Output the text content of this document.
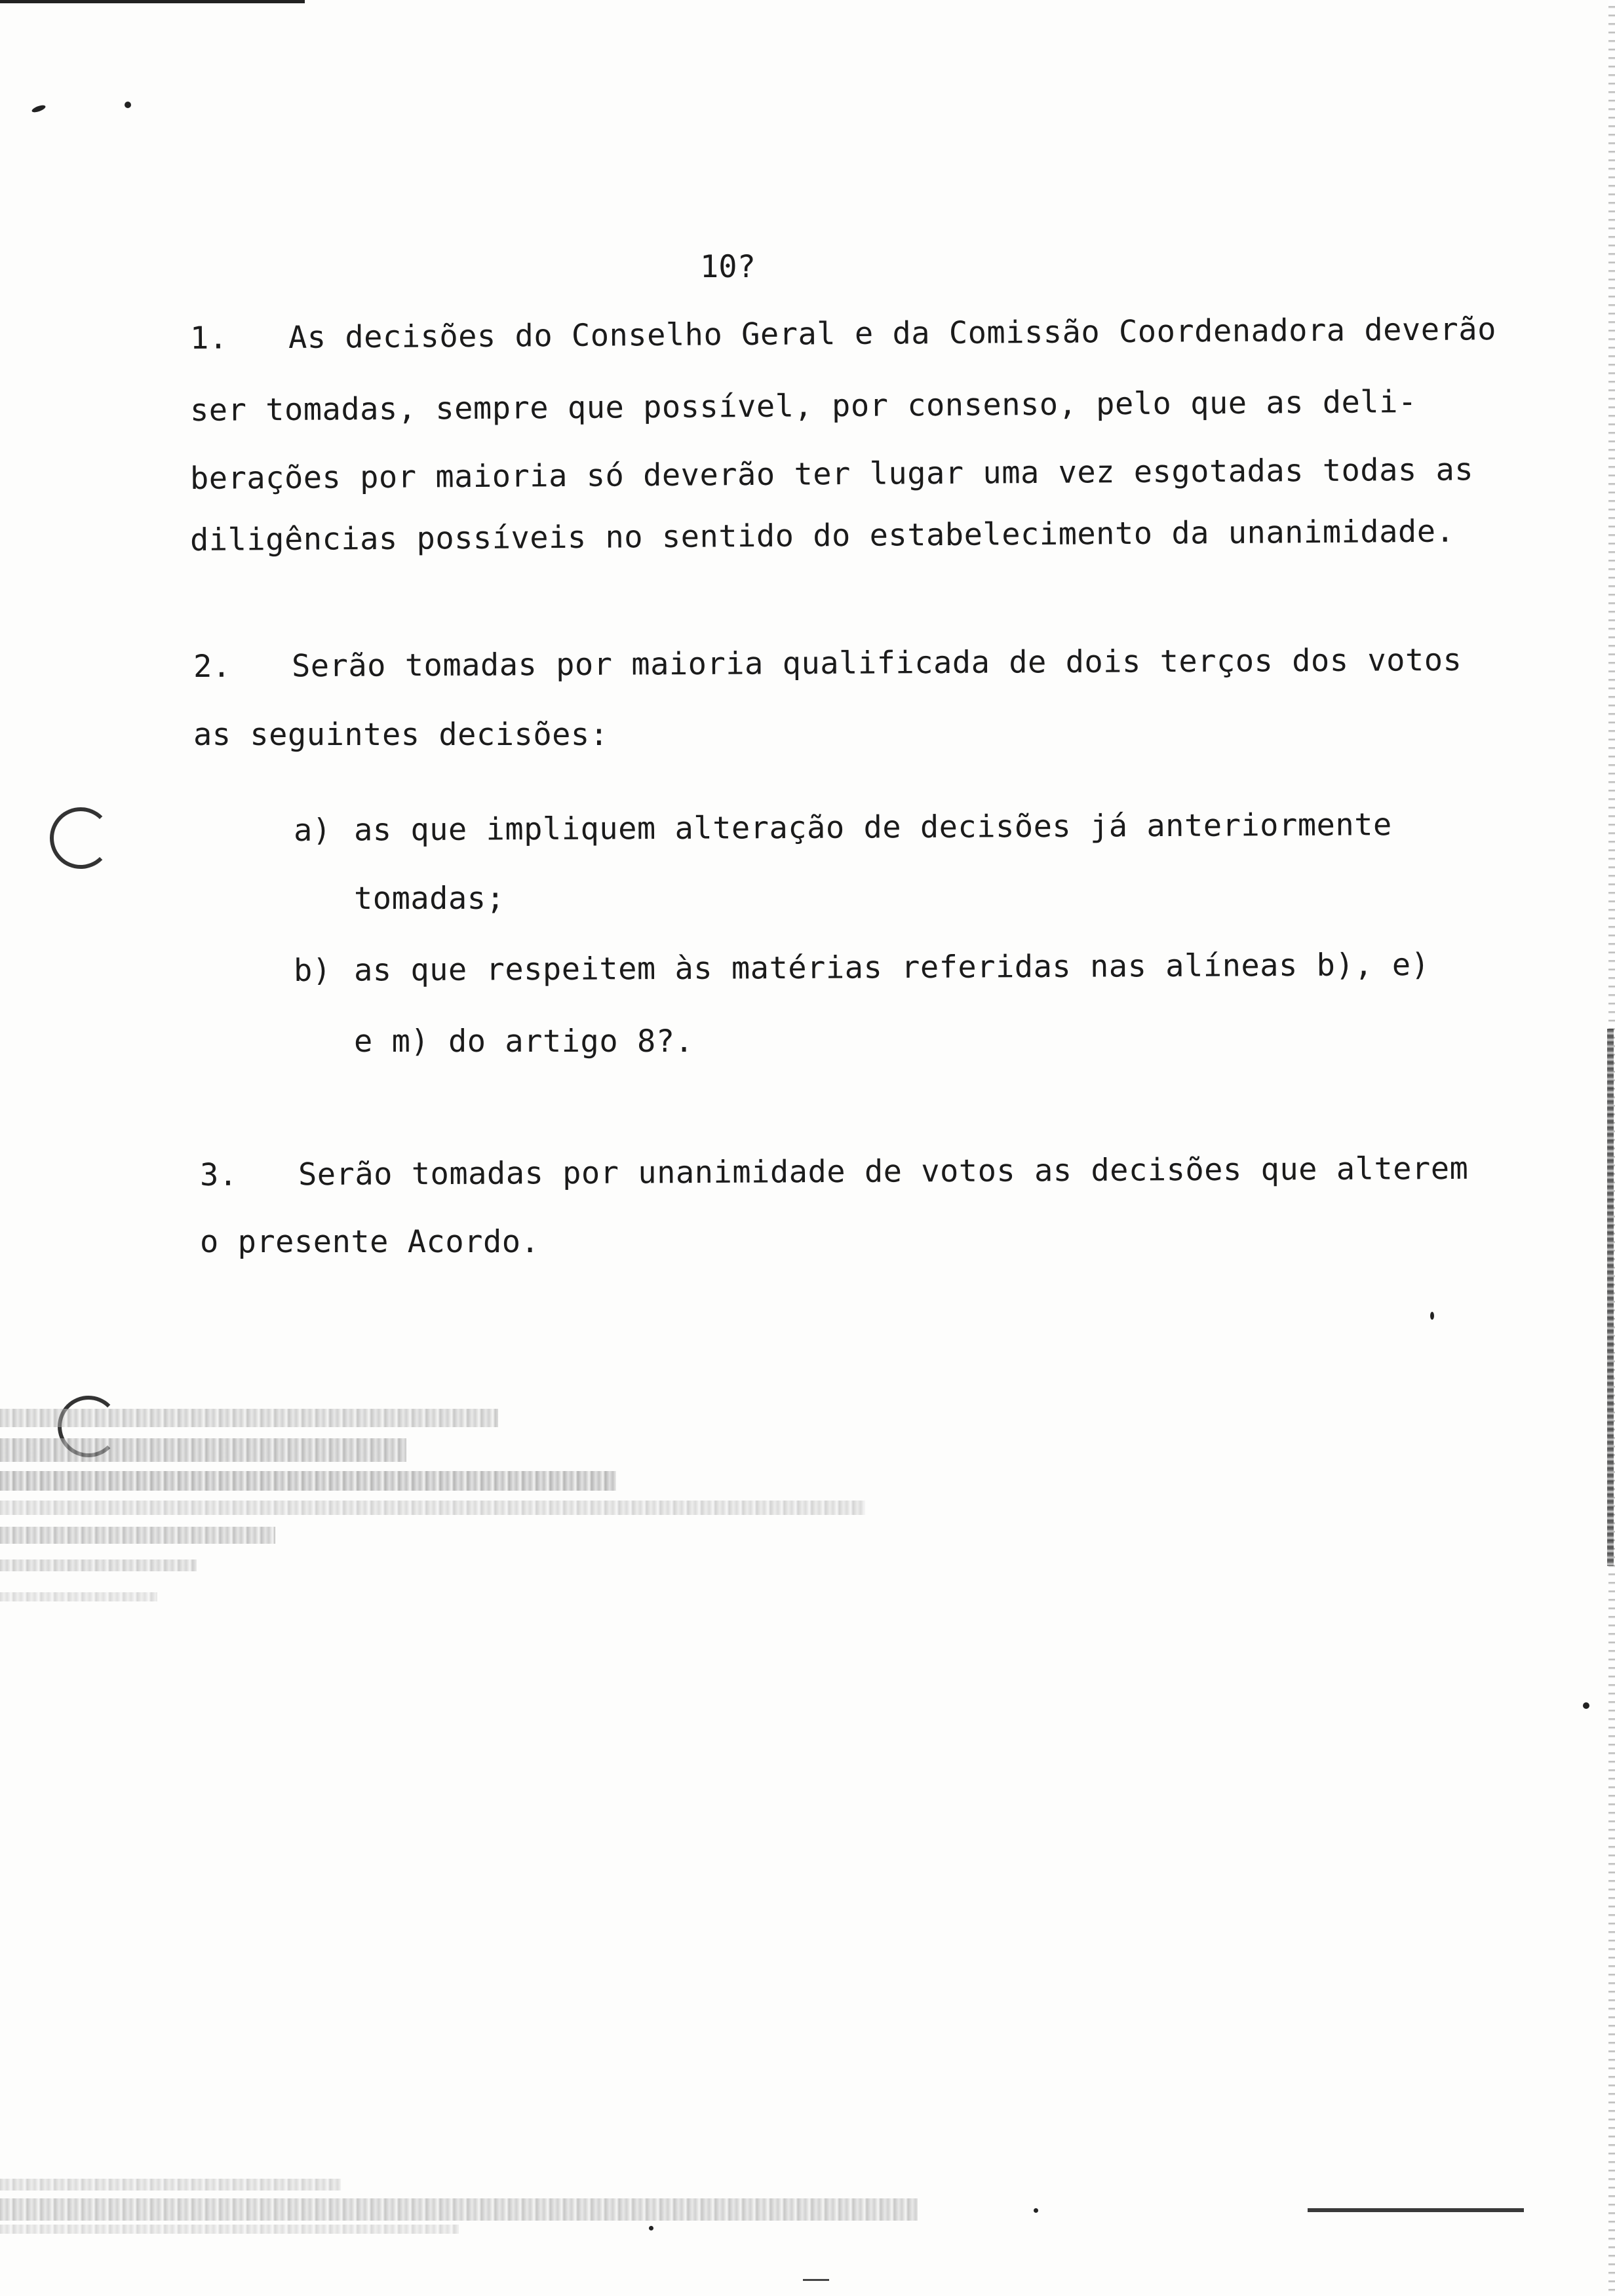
10?
1. As decisões do Conselho Geral e da Comissão Coordenadora deverão
ser tomadas, sempre que possível, por consenso, pelo que as deli-
berações por maioria só deverão ter lugar uma vez esgotadas todas as
diligências possíveis no sentido do estabelecimento da unanimidade.
2. Serão tomadas por maioria qualificada de dois terços dos votos
as seguintes decisões:
a) as que impliquem alteração de decisões já anteriormente
tomadas;
b) as que respeitem às matérias referidas nas alíneas b), e)
e m) do artigo 8?.
3. Serão tomadas por unanimidade de votos as decisões que alterem
o presente Acordo.
